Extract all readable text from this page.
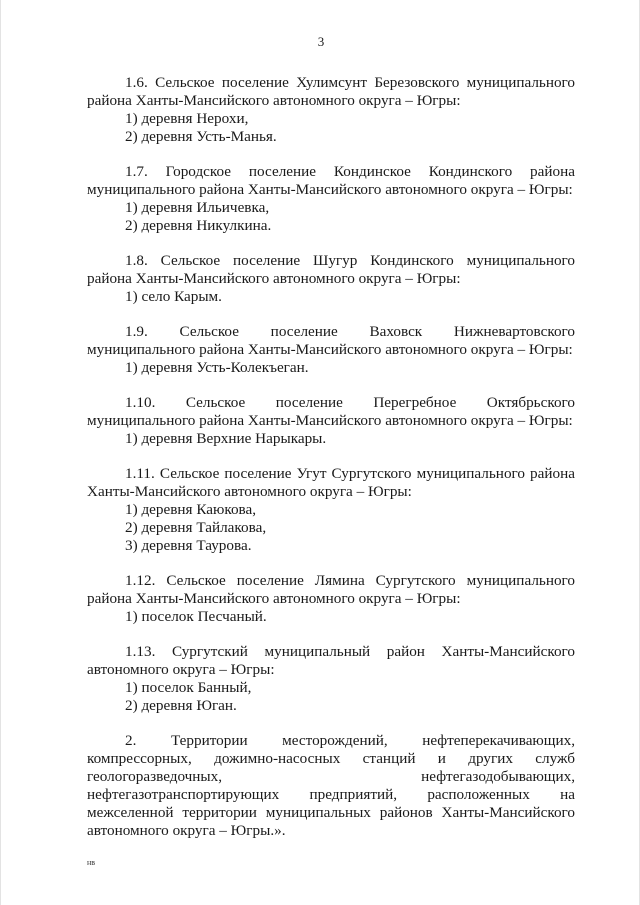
3
1.6. Сельское поселение Хулимсунт Березовского муниципального района Ханты-Мансийского автономного округа – Югры:
1) деревня Нерохи,
2) деревня Усть-Манья.
1.7. Городское поселение Кондинское Кондинского района муниципального района Ханты-Мансийского автономного округа – Югры:
1) деревня Ильичевка,
2) деревня Никулкина.
1.8. Сельское поселение Шугур Кондинского муниципального района Ханты-Мансийского автономного округа – Югры:
1) село Карым.
1.9. Сельское поселение Ваховск Нижневартовского муниципального района Ханты-Мансийского автономного округа – Югры:
1) деревня Усть-Колекъеган.
1.10. Сельское поселение Перегребное Октябрьского муниципального района Ханты-Мансийского автономного округа – Югры:
1) деревня Верхние Нарыкары.
1.11. Сельское поселение Угут Сургутского муниципального района Ханты-Мансийского автономного округа – Югры:
1) деревня Каюкова,
2) деревня Тайлакова,
3) деревня Таурова.
1.12. Сельское поселение Лямина Сургутского муниципального района Ханты-Мансийского автономного округа – Югры:
1) поселок Песчаный.
1.13. Сургутский муниципальный район Ханты-Мансийского автономного округа – Югры:
1) поселок Банный,
2) деревня Юган.
2. Территории месторождений, нефтеперекачивающих, компрессорных, дожимно-насосных станций и других служб геологоразведочных, нефтегазодобывающих, нефтегазотранспортирующих предприятий, расположенных на межселенной территории муниципальных районов Ханты-Мансийского автономного округа – Югры.».
нв
